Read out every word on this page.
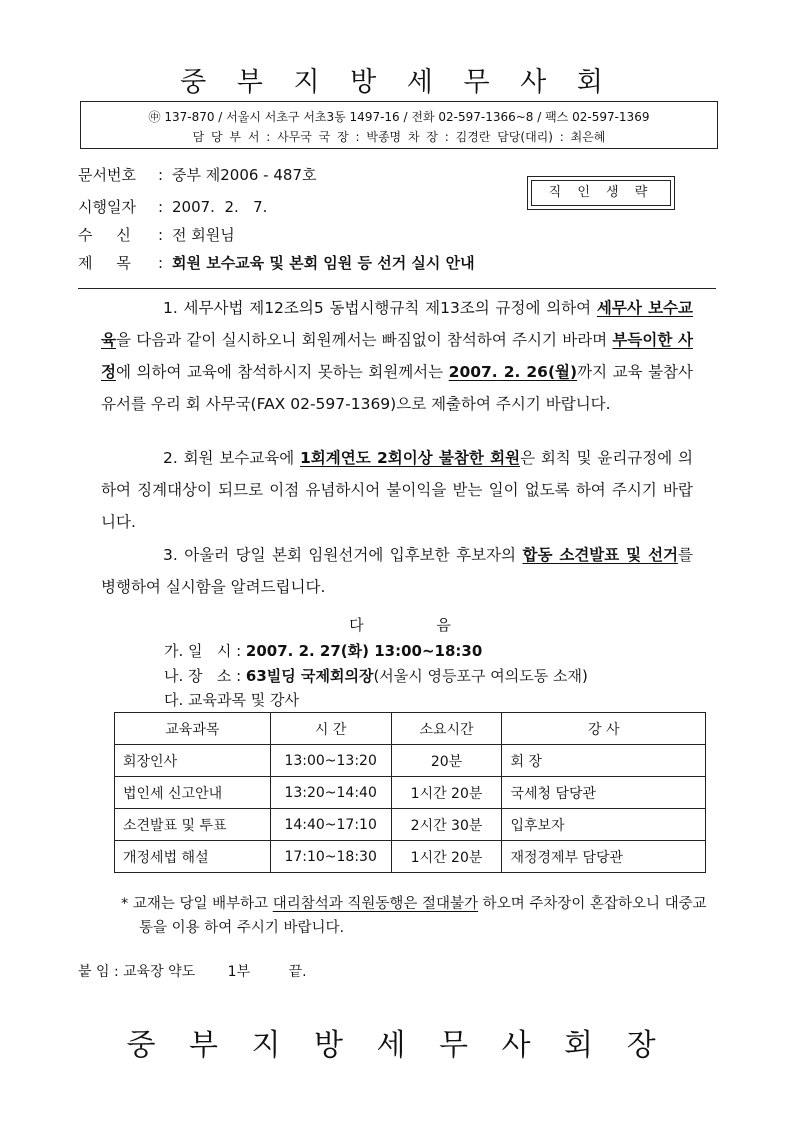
중 부 지 방 세 무 사 회
㊥ 137-870 / 서울시 서초구 서초3동 1497-16 / 전화 02-597-1366~8 / 팩스 02-597-1369
담 당 부 서 : 사무국 국 장 : 박종명 차 장 : 김경란 담당(대리) : 최은혜
문서번호 : 중부 제2006 - 487호
시행일자 : 2007.  2.   7.
수     신 : 전 회원님
제     목 : 회원 보수교육 및 본회 임원 등 선거 실시 안내
직 인 생 략
1. 세무사법 제12조의5 동법시행규칙 제13조의 규정에 의하여 세무사 보수교육을 다음과 같이 실시하오니 회원께서는 빠짐없이 참석하여 주시기 바라며 부득이한 사정에 의하여 교육에 참석하시지 못하는 회원께서는 2007. 2. 26(월)까지 교육 불참사유서를 우리 회 사무국(FAX 02-597-1369)으로 제출하여 주시기 바랍니다.
2. 회원 보수교육에 1회계연도 2회이상 불참한 회원은 회칙 및 윤리규정에 의하여 징계대상이 되므로 이점 유념하시어 불이익을 받는 일이 없도록 하여 주시기 바랍니다.
3. 아울러 당일 본회 임원선거에 입후보한 후보자의 합동 소견발표 및 선거를 병행하여 실시함을 알려드립니다.
다 음
가. 일   시 : 2007. 2. 27(화) 13:00~18:30
나. 장   소 : 63빌딩 국제회의장(서울시 영등포구 여의도동 소재)
다. 교육과목 및 강사
교육과목	시 간	소요시간	강 사
회장인사	13:00~13:20	20분	회 장
법인세 신고안내	13:20~14:40	1시간 20분	국세청 담당관
소견발표 및 투표	14:40~17:10	2시간 30분	입후보자
개정세법 해설	17:10~18:30	1시간 20분	재정경제부 담당관
* 교재는 당일 배부하고 대리참석과 직원동행은 절대불가 하오며 주차장이 혼잡하오니 대중교통을 이용 하여 주시기 바랍니다.
붙 임 : 교육장 약도 1부	끝.
중 부 지 방 세 무 사 회 장
